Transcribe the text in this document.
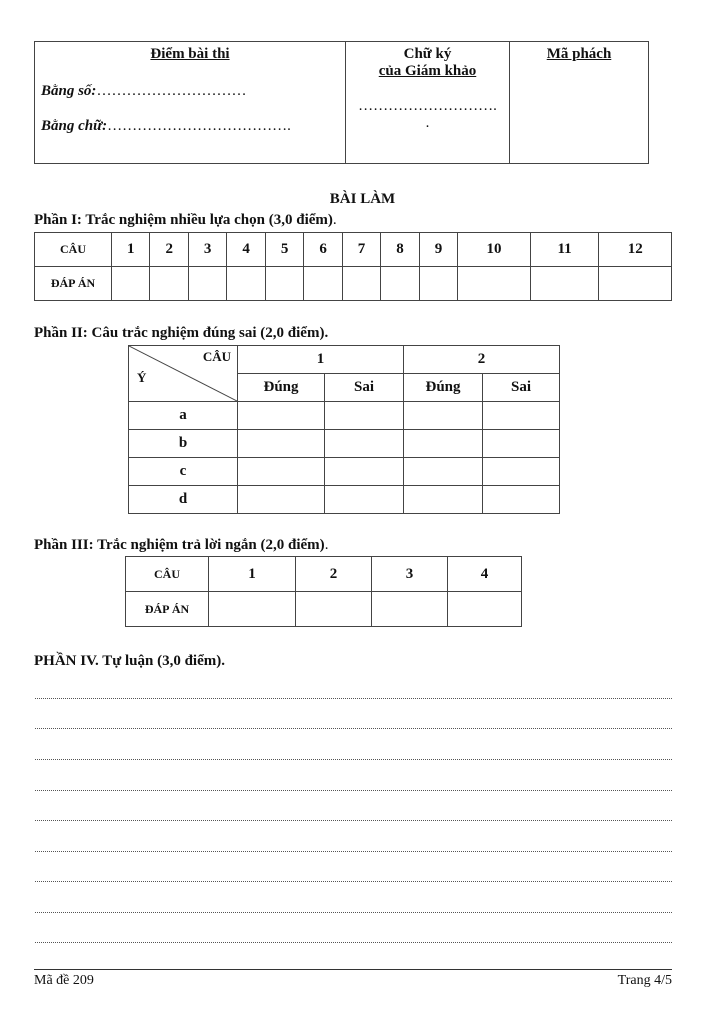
Điểm bài thi
Bằng số:…………………………
Bằng chữ:……………………………….

Chữ ký
của Giám khảo
……………………….
.

Mã phách
BÀI LÀM
Phần I: Trắc nghiệm nhiều lựa chọn (3,0 điểm).
CÂU	1	2	3	4	5	6	7	8	9	10	11	12
ĐÁP ÁN												
Phần II: Câu trắc nghiệm đúng sai (2,0 điểm).
CÂU
Ý	1		2	
	Đúng	Sai	Đúng	Sai
a				
b				
c				
d				
Phần III: Trắc nghiệm trả lời ngắn (2,0 điểm).
CÂU	1	2	3	4
ĐÁP ÁN				
PHẦN IV. Tự luận (3,0 điểm).
Mã đề 209	Trang 4/5
